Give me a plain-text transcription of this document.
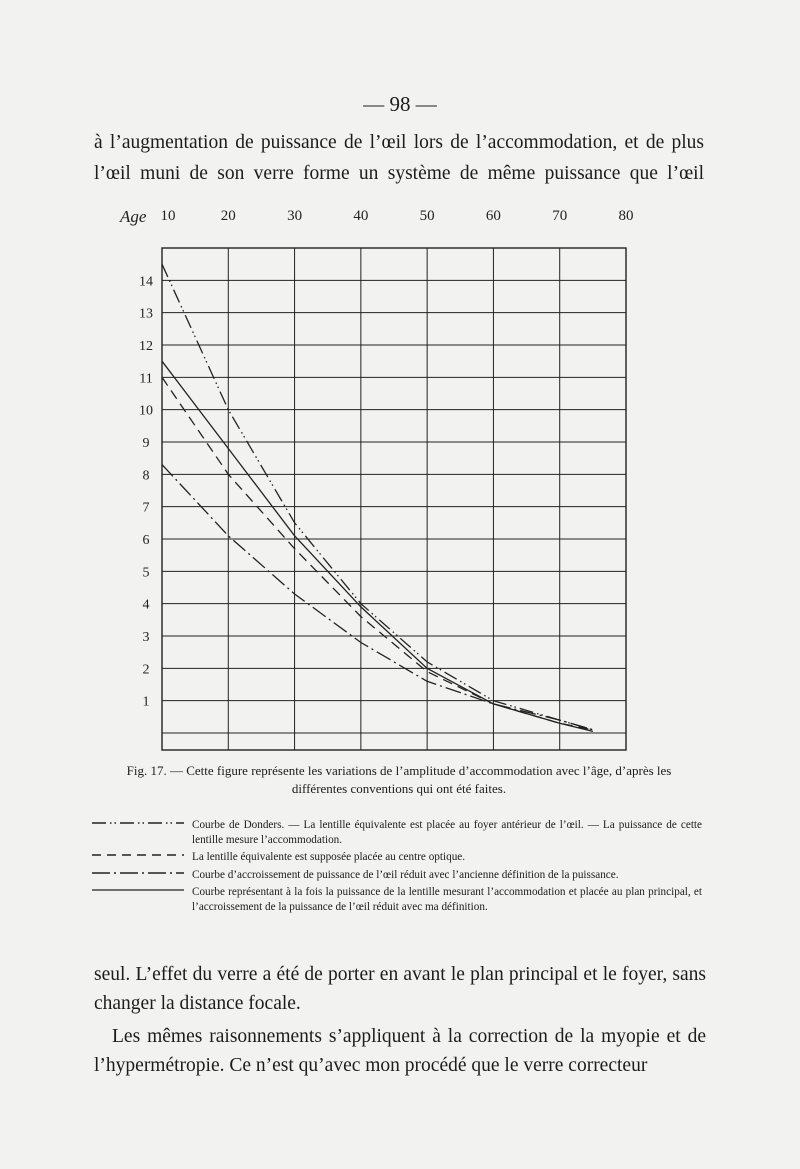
— 98 —

à l’augmentation de puissance de l’œil lors de l’accommodation, et de plus

l’œil muni de son verre forme un système de même puissance que l’œil

Age 10	20	30	40	50	60	70	80
1
2
3
4
5
6
7
8
9
10
11
12
13
14
Fig. 17. — Cette figure représente les variations de l’amplitude d’accommodation avec l’âge, d’après les différentes conventions qui ont été faites.
Courbe de Donders. — La lentille équivalente est placée au foyer antérieur de l’œil. — La puissance de cette lentille mesure l’accommodation.
La lentille équivalente est supposée placée au centre optique.
Courbe d’accroissement de puissance de l’œil réduit avec l’ancienne définition de la puissance.
Courbe représentant à la fois la puissance de la lentille mesurant l’accommodation et placée au plan principal, et l’accroissement de la puissance de l’œil réduit avec ma définition.

seul. L’effet du verre a été de porter en avant le plan principal et le foyer, sans changer la distance focale.

Les mêmes raisonnements s’appliquent à la correction de la myopie et de l’hypermétropie. Ce n’est qu’avec mon procédé que le verre correcteur
